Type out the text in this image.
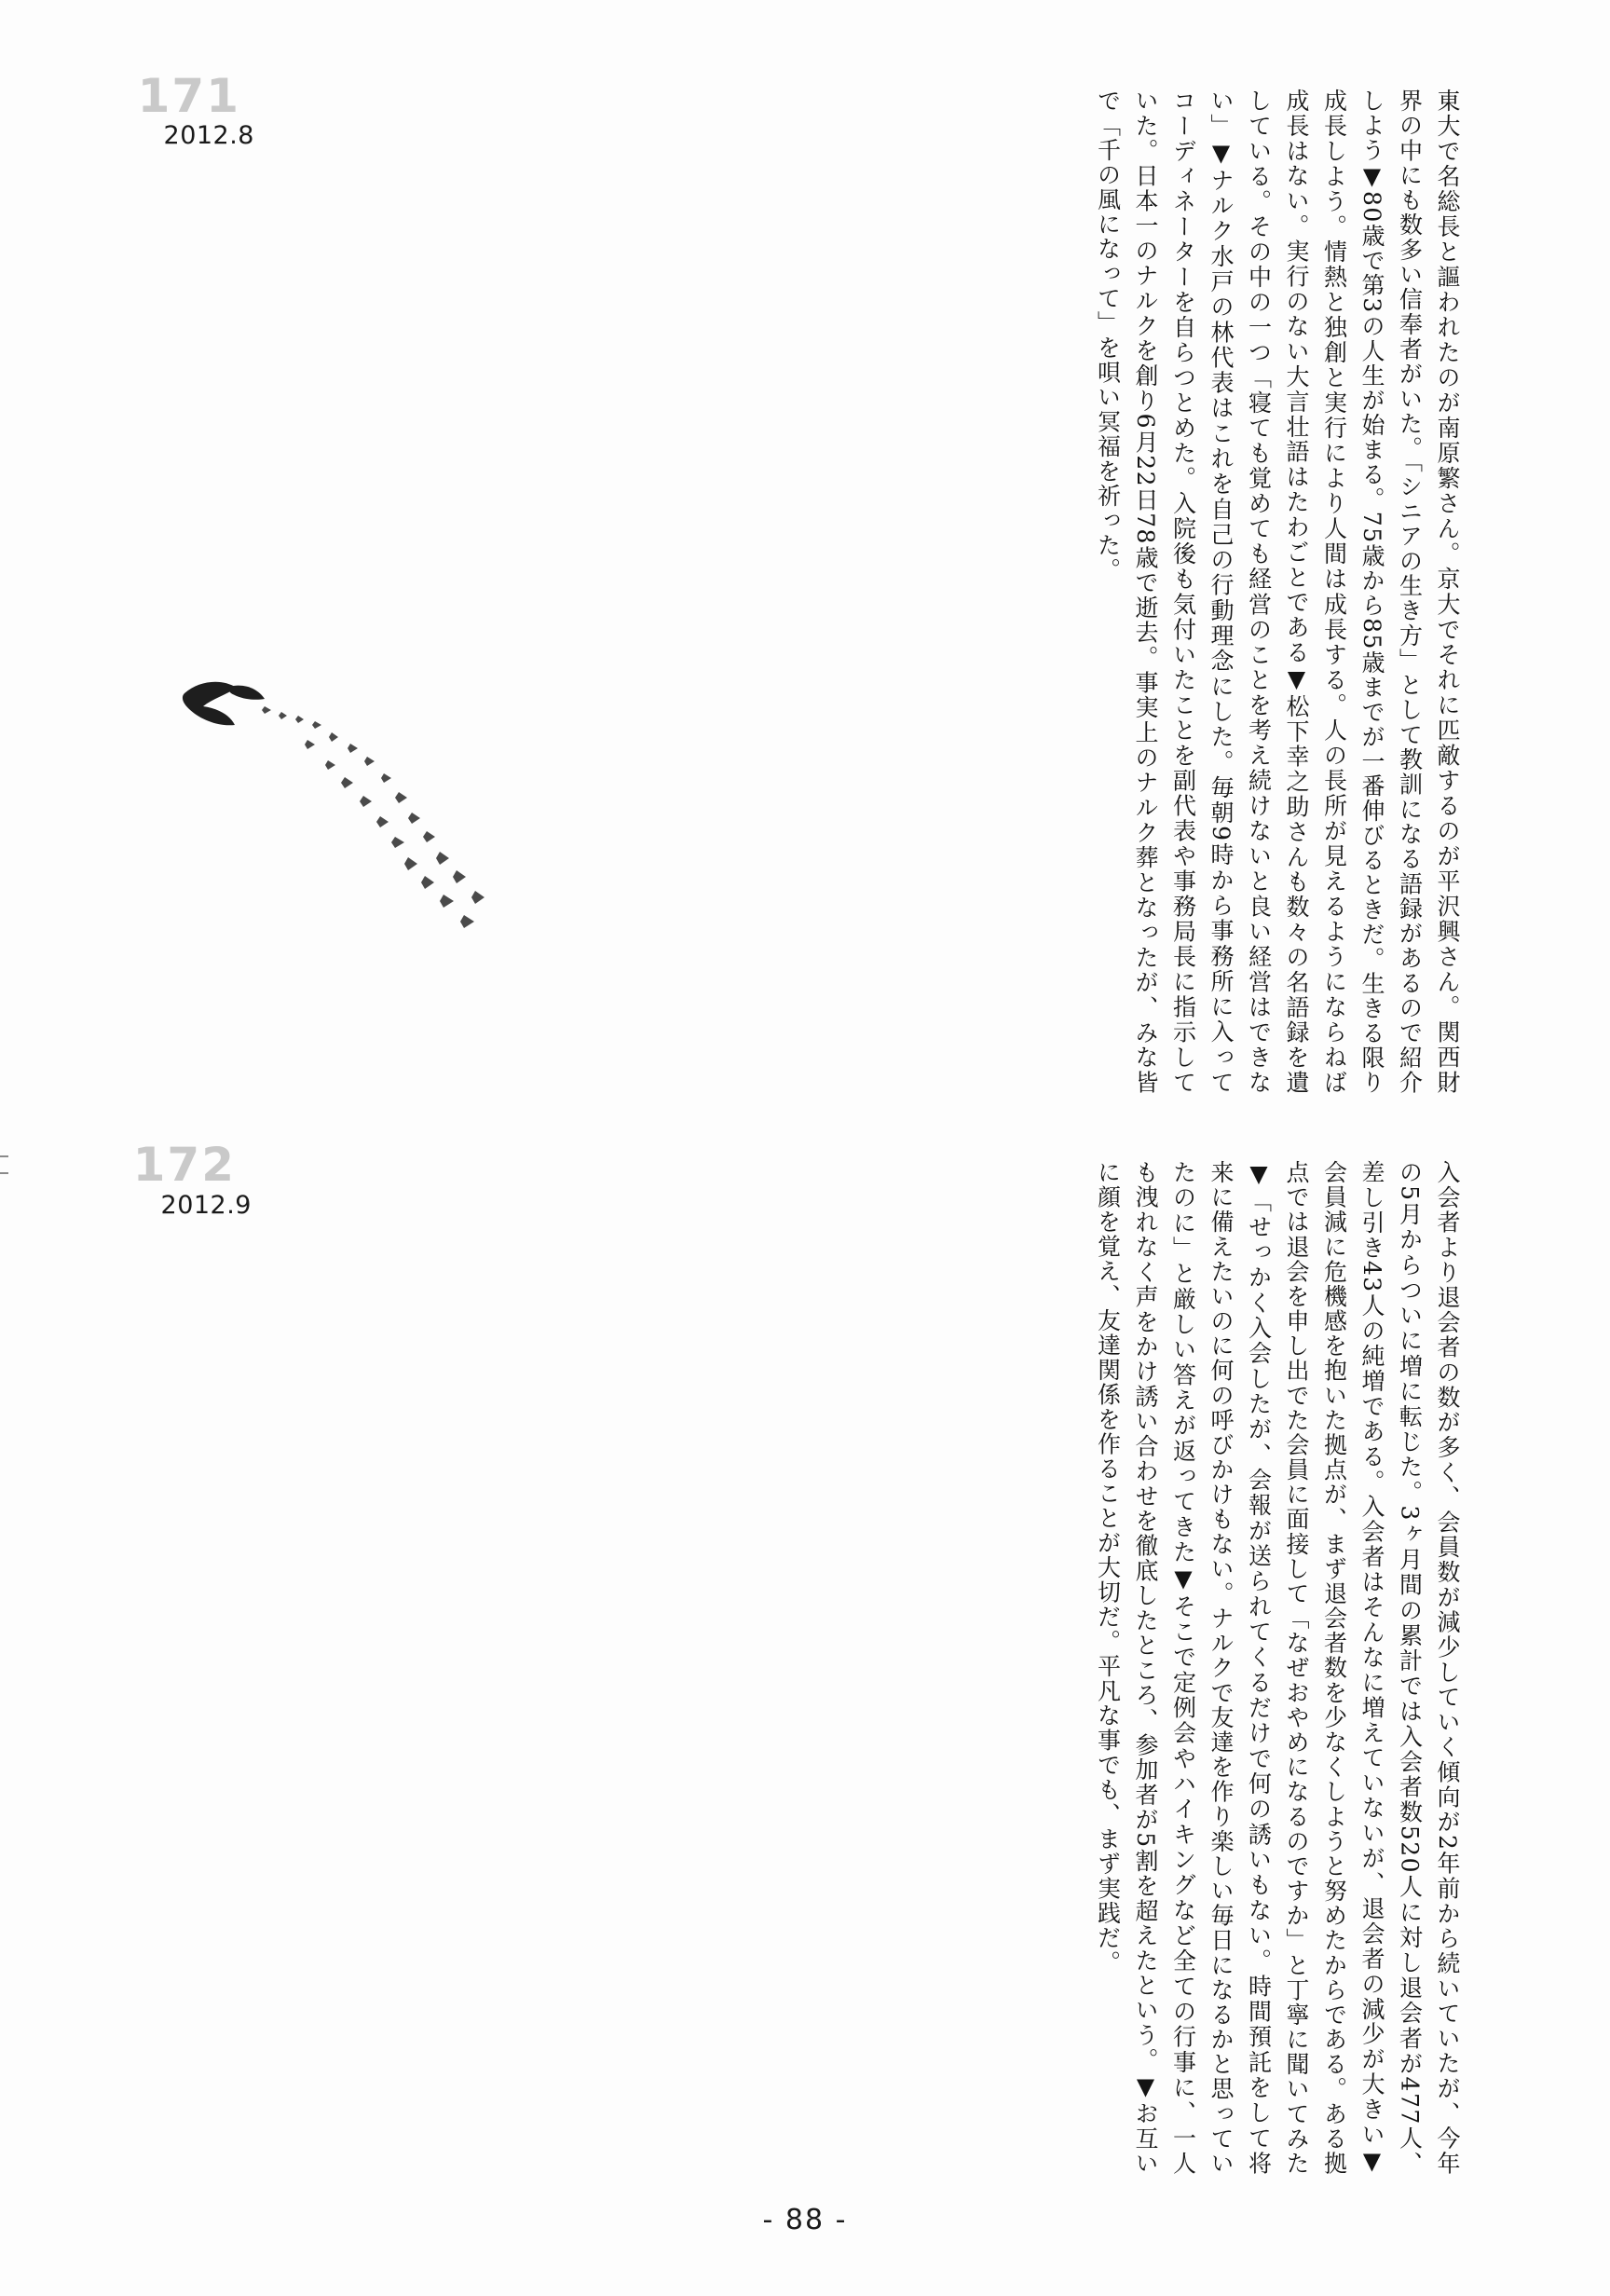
171
2012.8	東大で名総長と謳われたのが南原繁さん。京大でそれに匹敵するのが平沢興さん。関西財界の中にも数多い信奉者がいた。「シニアの生き方」として教訓になる語録があるので紹介しよう▼80歳で第3の人生が始まる。75歳から85歳までが一番伸びるときだ。生きる限り成長しよう。情熱と独創と実行により人間は成長する。人の長所が見えるようにならねば成長はない。実行のない大言壮語はたわごとである▼松下幸之助さんも数々の名語録を遺している。その中の一つ「寝ても覚めても経営のことを考え続けないと良い経営はできない」▼ナルク水戸の林代表はこれを自己の行動理念にした。毎朝9時から事務所に入ってコーディネーターを自らつとめた。入院後も気付いたことを副代表や事務局長に指示していた。日本一のナルクを創り6月22日78歳で逝去。事実上のナルク葬となったが、みな皆で「千の風になって」を唄い冥福を祈った。
172
2012.9	入会者より退会者の数が多く、会員数が減少していく傾向が2年前から続いていたが、今年の5月からついに増に転じた。3ヶ月間の累計では入会者数520人に対し退会者が477人、差し引き43人の純増である。入会者はそんなに増えていないが、退会者の減少が大きい▼会員減に危機感を抱いた拠点が、まず退会者数を少なくしようと努めたからである。ある拠点では退会を申し出でた会員に面接して「なぜおやめになるのですか」と丁寧に聞いてみた▼「せっかく入会したが、会報が送られてくるだけで何の誘いもない。時間預託をして将来に備えたいのに何の呼びかけもない。ナルクで友達を作り楽しい毎日になるかと思っていたのに」と厳しい答えが返ってきた▼そこで定例会やハイキングなど全ての行事に、一人も洩れなく声をかけ誘い合わせを徹底したところ、参加者が5割を超えたという。▼お互いに顔を覚え、友達関係を作ることが大切だ。平凡な事でも、まず実践だ。
- 88 -
